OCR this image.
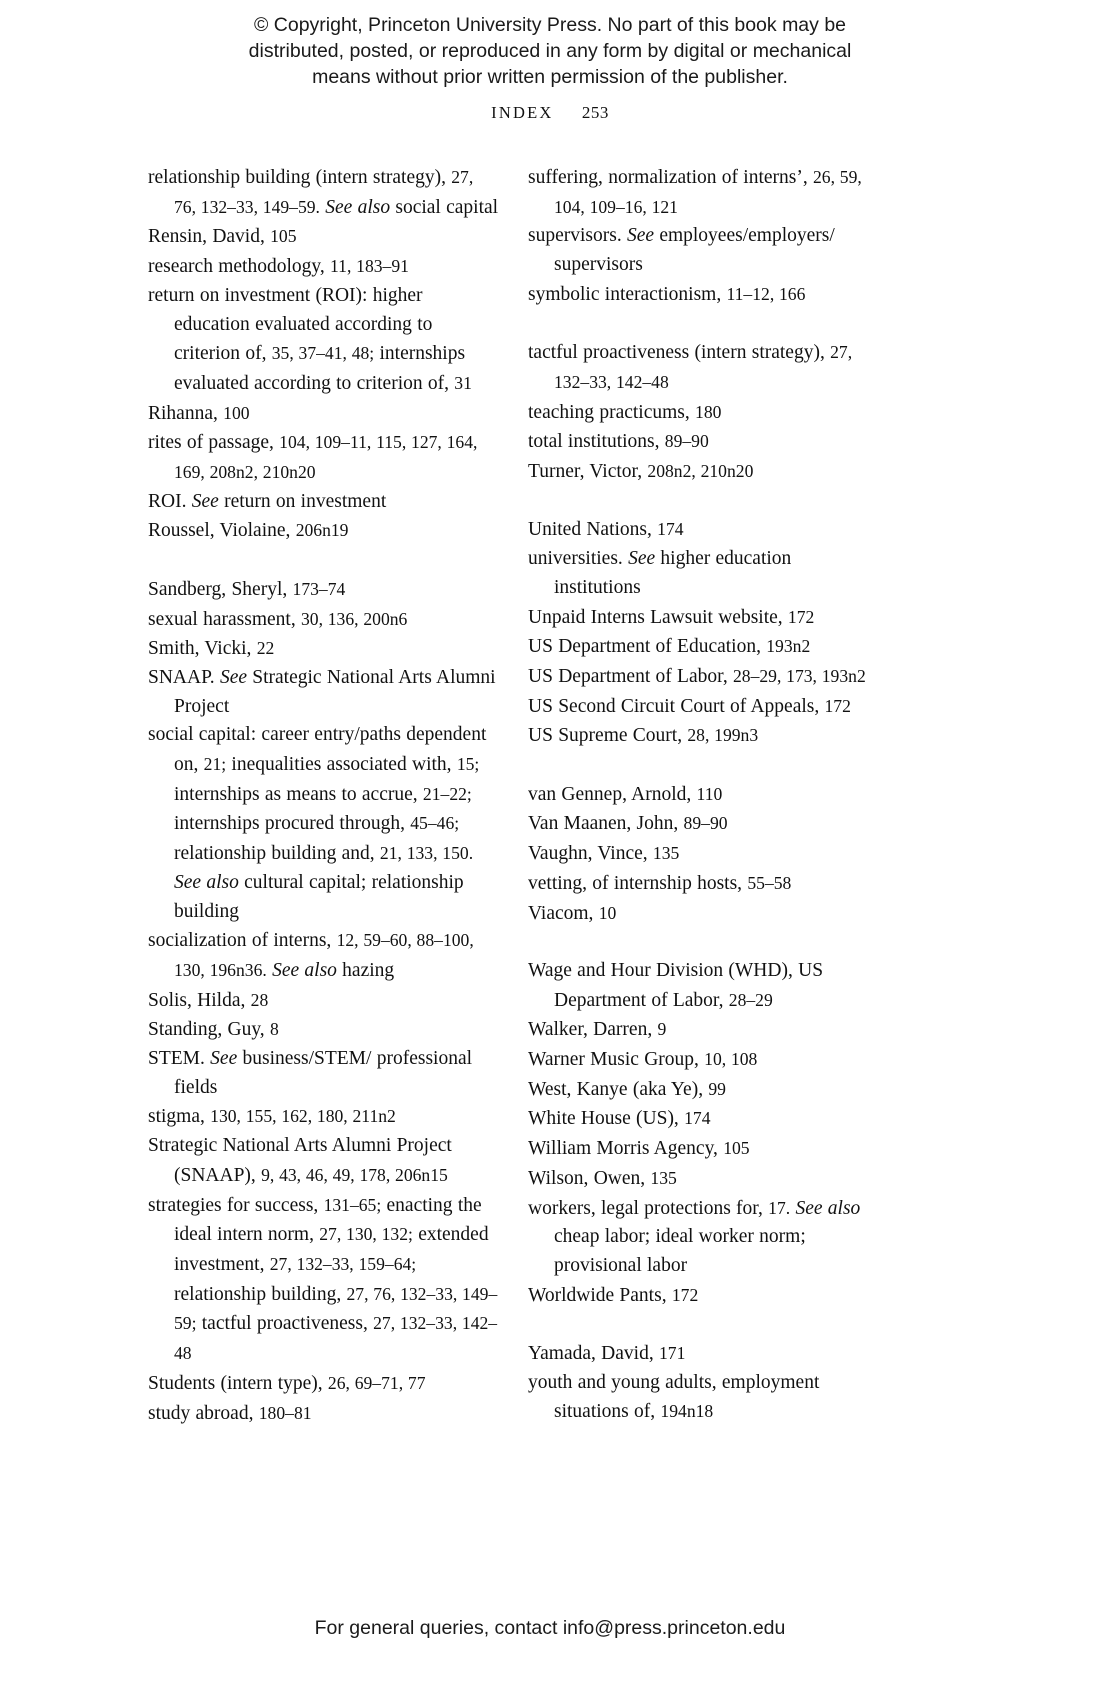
© Copyright, Princeton University Press. No part of this book may be
distributed, posted, or reproduced in any form by digital or mechanical
means without prior written permission of the publisher.
INDEX 253

relationship building (intern strategy), 27, 76, 132–33, 149–59. See also social capital

Rensin, David, 105

research methodology, 11, 183–91

return on investment (ROI): higher education evaluated according to criterion of, 35, 37–41, 48; internships evaluated according to criterion of, 31

Rihanna, 100

rites of passage, 104, 109–11, 115, 127, 164, 169, 208n2, 210n20

ROI. See return on investment

Roussel, Violaine, 206n19

Sandberg, Sheryl, 173–74

sexual harassment, 30, 136, 200n6

Smith, Vicki, 22

SNAAP. See Strategic National Arts Alumni Project

social capital: career entry/paths dependent on, 21; inequalities associated with, 15; internships as means to accrue, 21–22; internships procured through, 45–46; relationship building and, 21, 133, 150. See also cultural capital; relationship building

socialization of interns, 12, 59–60, 88–100, 130, 196n36. See also hazing

Solis, Hilda, 28

Standing, Guy, 8

STEM. See business/STEM/ professional fields

stigma, 130, 155, 162, 180, 211n2

Strategic National Arts Alumni Project (SNAAP), 9, 43, 46, 49, 178, 206n15

strategies for success, 131–65; enacting the ideal intern norm, 27, 130, 132; extended investment, 27, 132–33, 159–64; relationship building, 27, 76, 132–33, 149–59; tactful proactiveness, 27, 132–33, 142–48

Students (intern type), 26, 69–71, 77

study abroad, 180–81

suffering, normalization of interns’, 26, 59, 104, 109–16, 121

supervisors. See employees/employers/ supervisors

symbolic interactionism, 11–12, 166

tactful proactiveness (intern strategy), 27, 132–33, 142–48

teaching practicums, 180

total institutions, 89–90

Turner, Victor, 208n2, 210n20

United Nations, 174

universities. See higher education institutions

Unpaid Interns Lawsuit website, 172

US Department of Education, 193n2

US Department of Labor, 28–29, 173, 193n2

US Second Circuit Court of Appeals, 172

US Supreme Court, 28, 199n3

van Gennep, Arnold, 110

Van Maanen, John, 89–90

Vaughn, Vince, 135

vetting, of internship hosts, 55–58

Viacom, 10

Wage and Hour Division (WHD), US Department of Labor, 28–29

Walker, Darren, 9

Warner Music Group, 10, 108

West, Kanye (aka Ye), 99

White House (US), 174

William Morris Agency, 105

Wilson, Owen, 135

workers, legal protections for, 17. See also cheap labor; ideal worker norm; provisional labor

Worldwide Pants, 172

Yamada, David, 171

youth and young adults, employment situations of, 194n18

For general queries, contact info@press.princeton.edu
